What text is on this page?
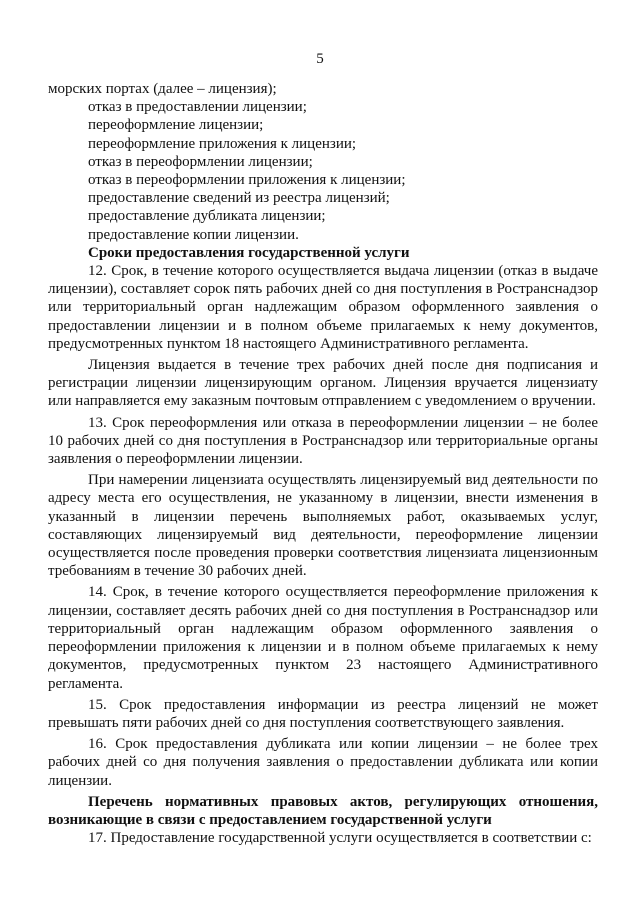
5
морских портах (далее – лицензия);
отказ в предоставлении лицензии;
переоформление лицензии;
переоформление приложения к лицензии;
отказ в переоформлении лицензии;
отказ в переоформлении приложения к лицензии;
предоставление сведений из реестра лицензий;
предоставление дубликата лицензии;
предоставление копии лицензии.
Сроки предоставления государственной услуги
12. Срок, в течение которого осуществляется выдача лицензии (отказ в выдаче лицензии), составляет сорок пять рабочих дней со дня поступления в Ространснадзор или территориальный орган надлежащим образом оформленного заявления о предоставлении лицензии и в полном объеме прилагаемых к нему документов, предусмотренных пунктом 18 настоящего Административного регламента.
Лицензия выдается в течение трех рабочих дней после дня подписания и регистрации лицензии лицензирующим органом. Лицензия вручается лицензиату или направляется ему заказным почтовым отправлением с уведомлением о вручении.
13. Срок переоформления или отказа в переоформлении лицензии – не более 10 рабочих дней со дня поступления в Ространснадзор или территориальные органы заявления о переоформлении лицензии.
При намерении лицензиата осуществлять лицензируемый вид деятельности по адресу места его осуществления, не указанному в лицензии, внести изменения в указанный в лицензии перечень выполняемых работ, оказываемых услуг, составляющих лицензируемый вид деятельности, переоформление лицензии осуществляется после проведения проверки соответствия лицензиата лицензионным требованиям в течение 30 рабочих дней.
14. Срок, в течение которого осуществляется переоформление приложения к лицензии, составляет десять рабочих дней со дня поступления в Ространснадзор или территориальный орган надлежащим образом оформленного заявления о переоформлении приложения к лицензии и в полном объеме прилагаемых к нему документов, предусмотренных пунктом 23 настоящего Административного регламента.
15. Срок предоставления информации из реестра лицензий не может превышать пяти рабочих дней со дня поступления соответствующего заявления.
16. Срок предоставления дубликата или копии лицензии – не более трех рабочих дней со дня получения заявления о предоставлении дубликата или копии лицензии.
Перечень нормативных правовых актов, регулирующих отношения, возникающие в связи с предоставлением государственной услуги
17. Предоставление государственной услуги осуществляется в соответствии с:
